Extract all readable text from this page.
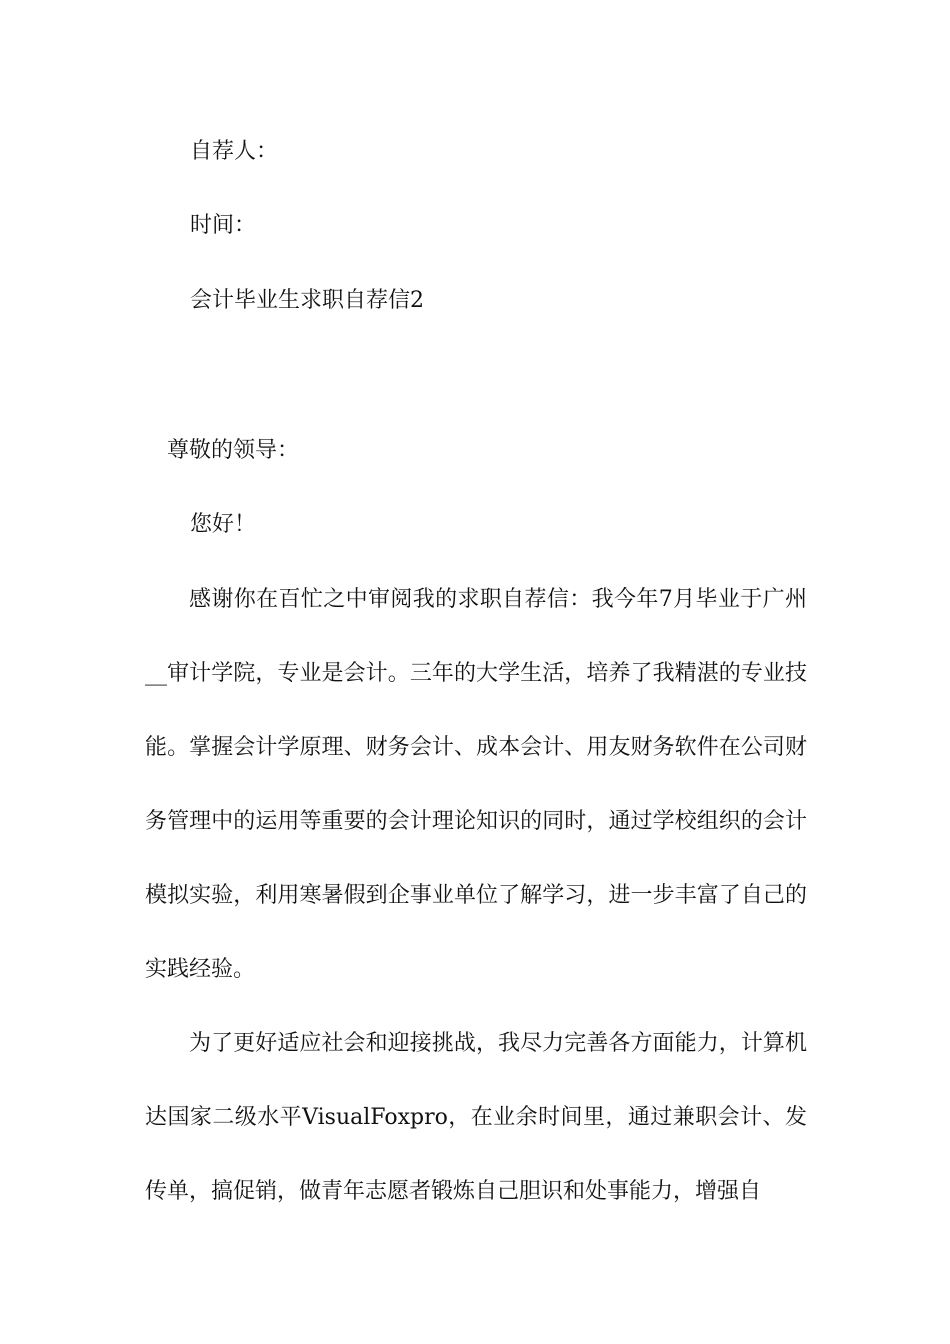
自荐人：
时间：
会计毕业生求职自荐信2
尊敬的领导：
您好！

感谢你在百忙之中审阅我的求职自荐信：我今年7月毕业于广州__审计学院，专业是会计。三年的大学生活，培养了我精湛的专业技能。掌握会计学原理、财务会计、成本会计、用友财务软件在公司财务管理中的运用等重要的会计理论知识的同时，通过学校组织的会计模拟实验，利用寒暑假到企事业单位了解学习，进一步丰富了自己的实践经验。

为了更好适应社会和迎接挑战，我尽力完善各方面能力，计算机达国家二级水平VisualFoxpro，在业余时间里，通过兼职会计、发传单，搞促销，做青年志愿者锻炼自己胆识和处事能力，增强自
